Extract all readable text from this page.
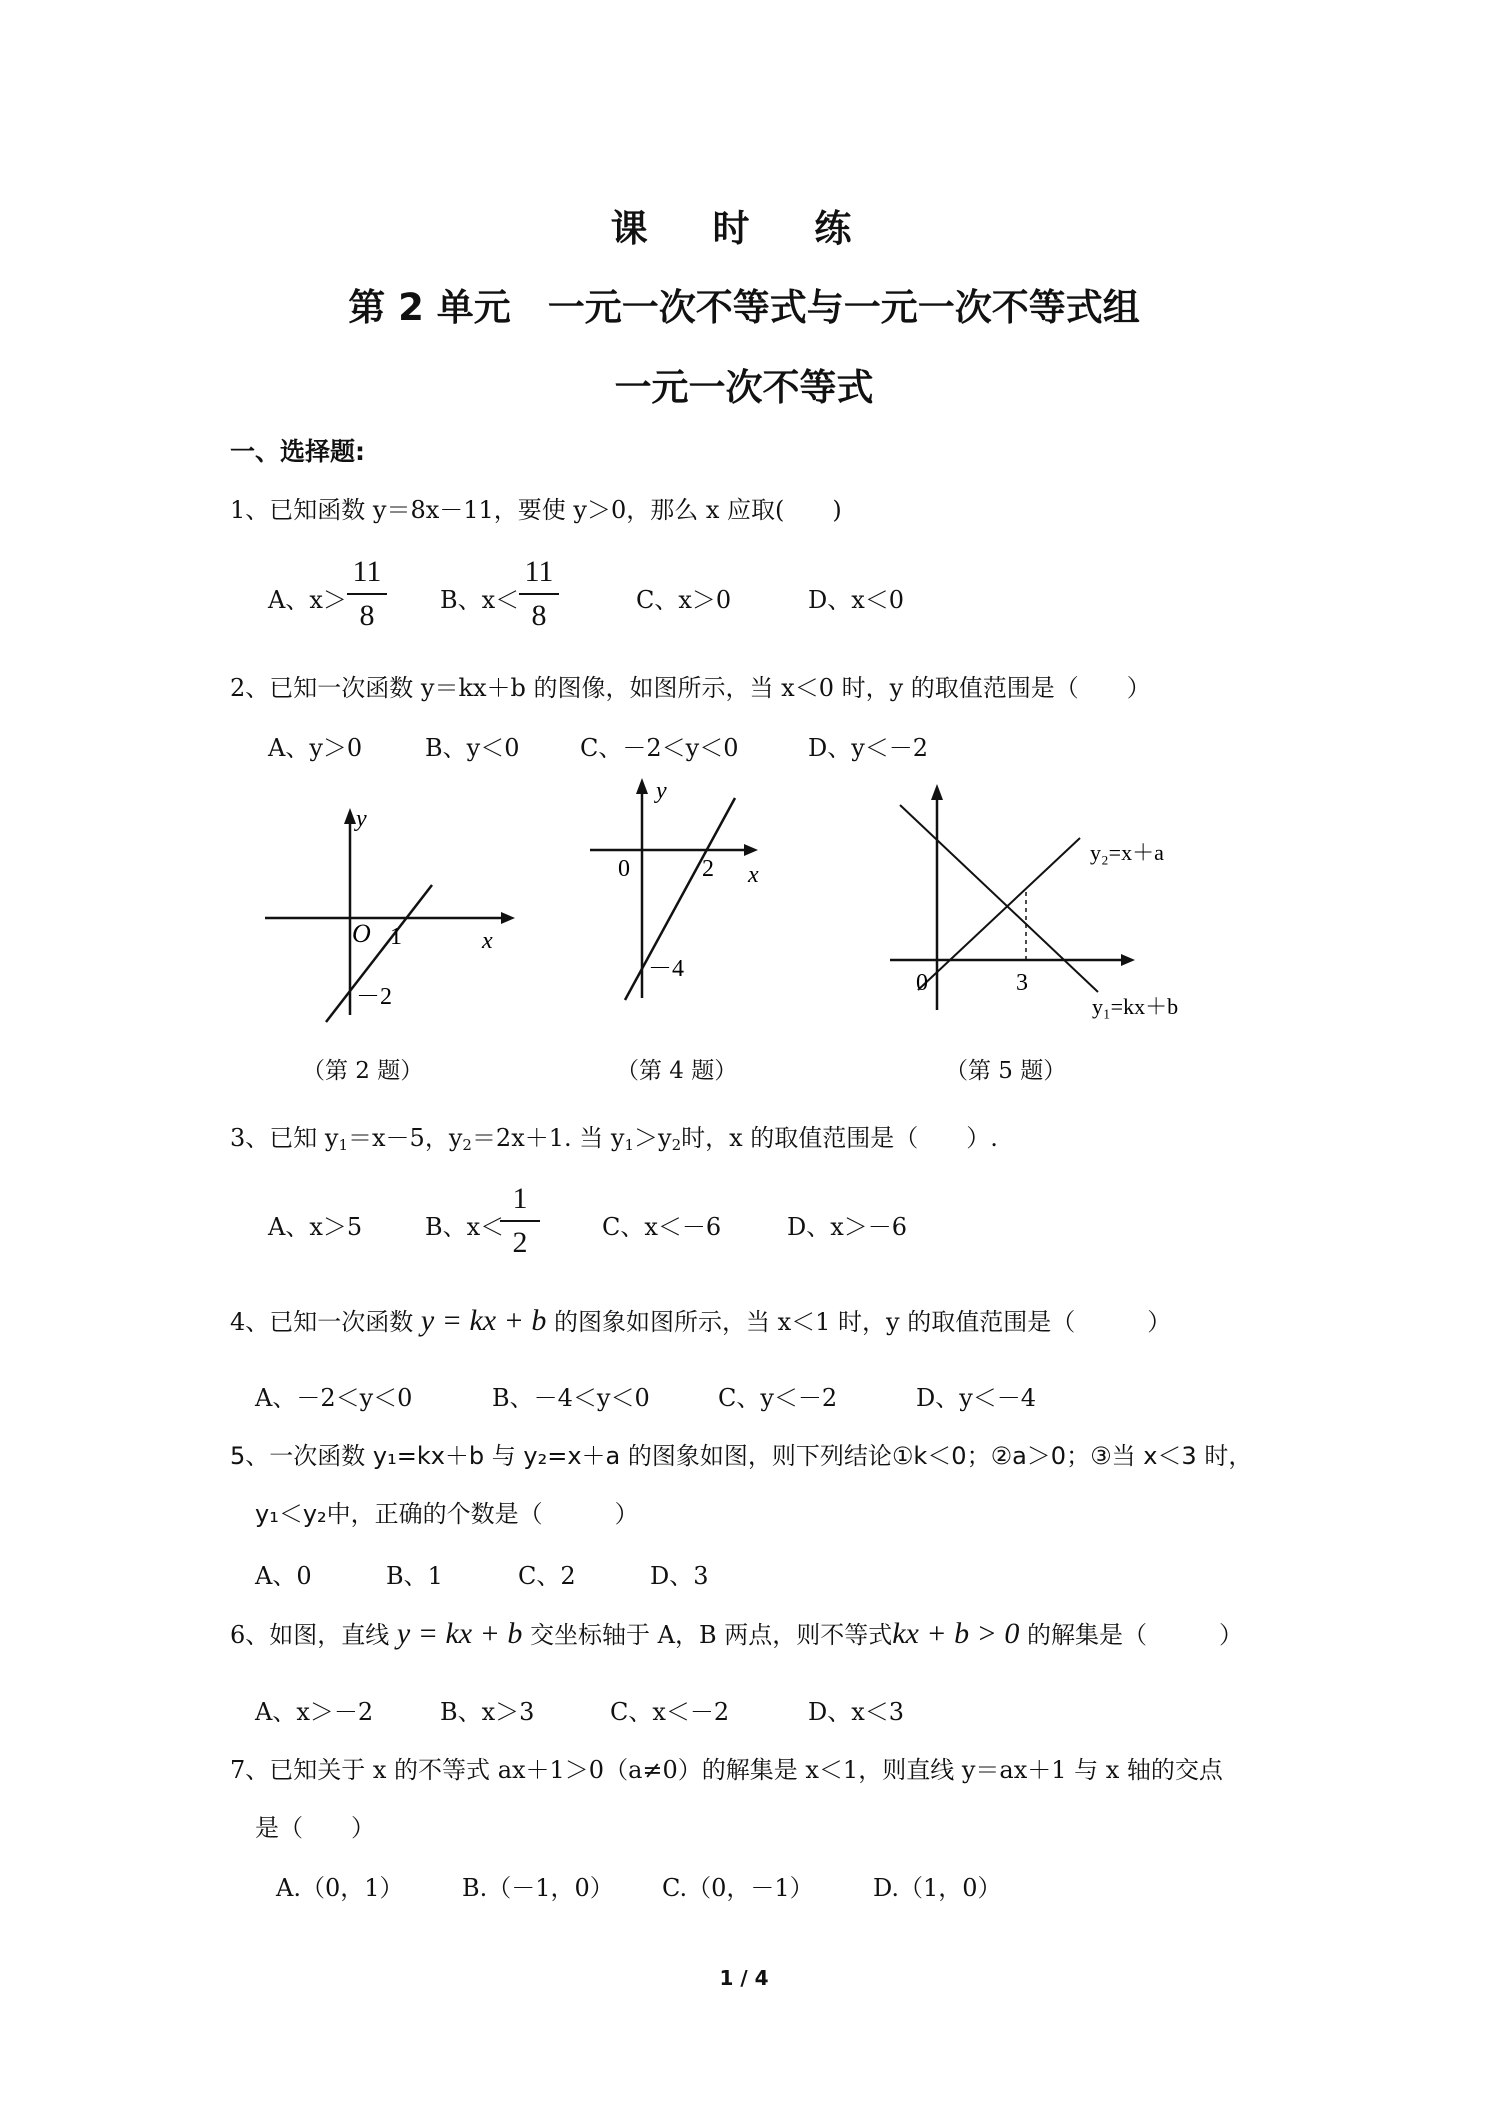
课 时 练
第 2 单元　一元一次不等式与一元一次不等式组
一元一次不等式
一、选择题:
1、已知函数 y＝8x－11，要使 y＞0，那么 x 应取(　　)
A、x＞
11
8	B、x＜
11
8	C、x＞0	D、x＜0
2、已知一次函数 y＝kx＋b 的图像，如图所示，当 x＜0 时，y 的取值范围是（　　）
A、y＞0	B、y＜0	C、－2＜y＜0	D、y＜－2
y
x
O 1
－2
y
x
0	2
－4
0	3
y₂=x＋a
y₁=kx＋b
（第 2 题）	（第 4 题）	（第 5 题）
3、已知 $y_1=x-5$，$y_2=2x+1$. 当 $y_1>y_2$时，x 的取值范围是（　　）.
A、x＞5	B、x＜
1
2	C、x＜－6	D、x＞－6
4、已知一次函数 y = kx + b 的图象如图所示，当 x＜1 时，y 的取值范围是（　　　）
A、－2＜y＜0	B、－4＜y＜0	C、y＜－2	D、y＜－4
5、一次函数 y₁=kx＋b 与 y₂=x＋a 的图象如图，则下列结论①k＜0；②a＞0；③当 x＜3 时，
y₁＜y₂中，正确的个数是（　　　）
A、0	B、1	C、2	D、3
6、如图，直线 y = kx + b 交坐标轴于 A，B 两点，则不等式kx + b > 0 的解集是（　　　）
A、x＞－2	B、x＞3	C、x＜－2	D、x＜3
7、已知关于 x 的不等式 ax＋1＞0（a≠0）的解集是 x＜1，则直线 y＝ax＋1 与 x 轴的交点
是（　　）
A.（0，1） B.（－1，0） C.（0，－1） D.（1，0）
1 / 4
